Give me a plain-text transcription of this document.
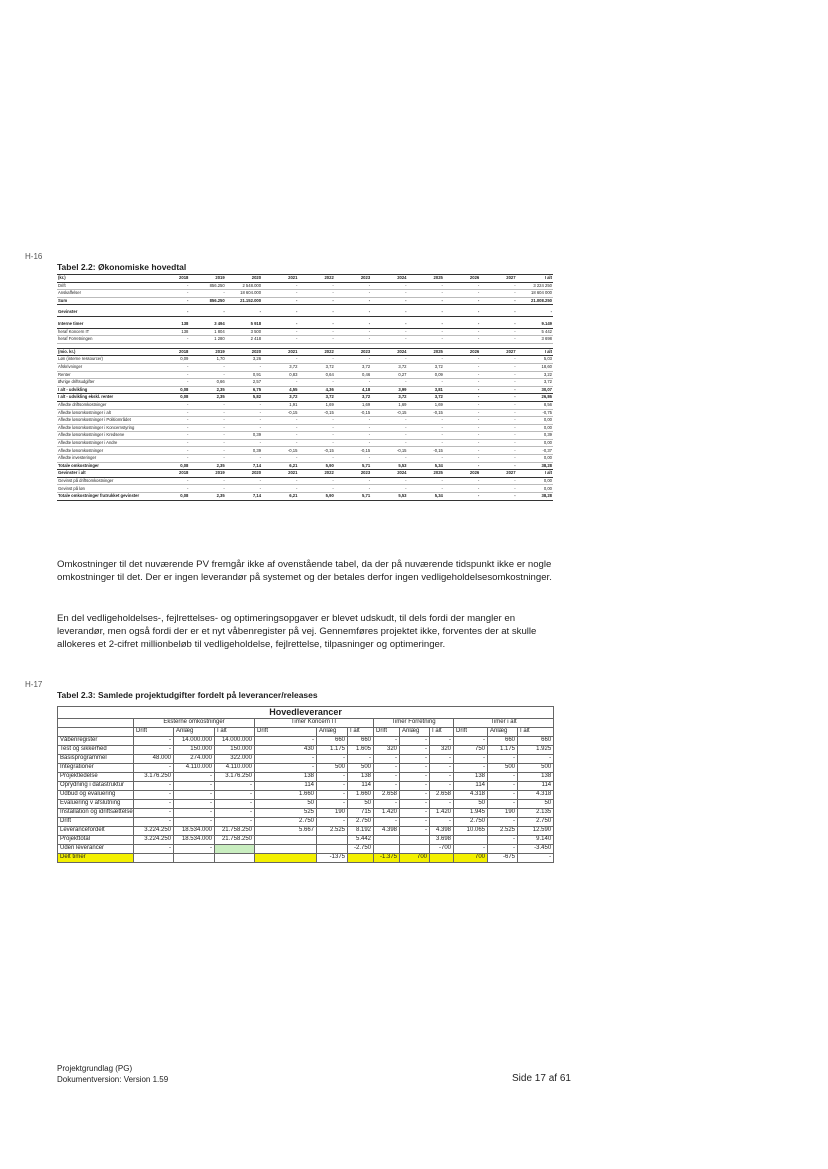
H-16
Tabel 2.2: Økonomiske hovedtal
(kr.)	2018	2019	2020	2021	2022	2023	2024	2025	2026	2027	I alt
Drift	-	856.250	2 548.000	-	-	-	-	-	-	-	3 224 250
Anskaffelser	-	-	18 604.000	-	-	-	-	-	-	-	18 604 000
Sum	-	856.250	21.152.000	-	-	-	-	-	-	-	21.008.250

Gevinster	-	-	-	-	-	-	-	-	-	-	-

Interne timer	138	3 494	5 918	-	-	-	-	-	-	-	9.149
heraf Koncern IT	138	1 804	3 500	-	-	-	-	-	-	-	5 442
heraf Forretningen	-	1 280	2 418	-	-	-	-	-	-	-	3 698

(mio. kr.)	2018	2019	2020	2021	2022	2023	2024	2025	2026	2027	I alt
Løn (interne ressourcer)	0,09	1,70	3,26	-	-	-	-	-	-	-	5,03
Afskrivninger	-	-	-	3,72	3,72	3,72	3,72	3,72	-	-	18,60
Renter	-	-	0,91	0,83	0,64	0,46	0,27	0,09	-	-	3,22
Øvrige driftsudgifter	-	0,66	2,57	-	-	-	-	-	-	-	3,72
I alt - udvikling	0,08	2,35	6,75	4,55	4,36	4,18	3,99	3,81	-	-	30,07
I alt - udvikling ekskl. renter	0,08	2,35	5,82	3,72	3,72	3,72	3,72	3,72	-	-	26,86
Afledte driftsomkostninger	-	-	-	1,91	1,69	1,69	1,69	1,69	-	-	8,56
Afledte lønomkostninger i alt	-	-	-	-0,15	-0,15	-0,15	-0,15	-0,15	-	-	-0,75
Afledte lønomkostninger i Politiområdet	-	-	-	-	-	-	-	-	-	-	0,00
Afledte lønomkostninger i Koncernstyring	-	-	-	-	-	-	-	-	-	-	0,00
Afledte lønomkostninger i Kredsene	-	-	0,39	-	-	-	-	-	-	-	0,39
Afledte lønomkostninger i Andre	-	-	-	-	-	-	-	-	-	-	0,00
Afledte lønomkostninger	-	-	0,39	-0,15	-0,15	-0,15	-0,15	-0,15	-	-	-0,37
Afledte investeringer	-	-	-	-	-	-	-	-	-	-	0,00
Totale omkostninger	0,08	2,35	7,14	6,21	5,90	5,71	5,53	5,34	-	-	38,28
Gevinster i alt	2018	2019	2020	2021	2022	2023	2024	2025	2026	2027	I alt
Gevinst på driftsomkostninger	-	-	-	-	-	-	-	-	-	-	0,00
Gevinst på løn	-	-	-	-	-	-	-	-	-	-	0,00
Totale omkostninger fratrukket gevinster	0,08	2,35	7,14	6,21	5,90	5,71	5,53	5,34	-	-	38,28
Omkostninger til det nuværende PV fremgår ikke af ovenstående tabel, da der på nuværende tidspunkt ikke er nogle omkostninger til det. Der er ingen leverandør på systemet og der betales derfor ingen vedligeholdelsesomkostninger.
En del vedligeholdelses-, fejlrettelses- og optimeringsopgaver er blevet udskudt, til dels fordi der mangler en leverandør, men også fordi der er et nyt våbenregister på vej. Gennemføres projektet ikke, forventes der at skulle allokeres et 2-cifret millionbeløb til vedligeholdelse, fejlrettelse, tilpasninger og optimeringer.
H-17
Tabel 2.3: Samlede projektudgifter fordelt på leverancer/releases
Hovedleverancer													
	Eksterne omkostninger			Timer Koncern IT			Timer Forretning			Timer i alt			
	Drift	Anlæg	I alt	Drift	Anlæg	I alt	Drift	Anlæg	I alt	Drift	Anlæg	I alt	
Våbenregister	-	14.000.000	14.000.000	-	660	660	-	-	-	-	660	660	
Test og sikkerhed	-	150.000	150.000	430	1.175	1.605	320	-	320	750	1.175	1.925	
Basisprogrammel	48.000	274.000	322.000	-	-	-	-	-	-	-	-	-	
Integrationer	-	4.110.000	4.110.000	-	500	500	-	-	-	-	500	500	
Projektledelse	3.176.250	-	3.176.250	138	-	138	-	-	-	138	-	138	
Oprydning i datastruktur	-	-	-	114	-	114	-	-	-	114	-	114	
Udbud og evaluering	-	-	-	1.660	-	1.660	2.658	-	2.658	4.318	-	4.318	
Evaluering v afslutning	-	-	-	50	-	50	-	-	-	50	-	50	
Installation og idriftsættelse	-	-	-	525	190	715	1.420	-	1.420	1.945	190	2.135	
Drift	-	-	-	2.750	-	2.750	-	-	-	2.750	-	2.750	
Leverancefordelt	3.224.250	18.534.000	21.758.250	5.667	2.525	8.192	4.398	-	4.398	10.065	2.525	12.590	
Projekttotal	3.224.250	18.534.000	21.758.250			5.442			3.698		-	9.140	
Uden leverancer	-	-				-2.750			-700	-	-	-3.450	
Delt timer					-1375		-1.375	700		700	-675	-	
Projektgrundlag (PG)
Dokumentversion: Version 1.59	Side 17 af 61
